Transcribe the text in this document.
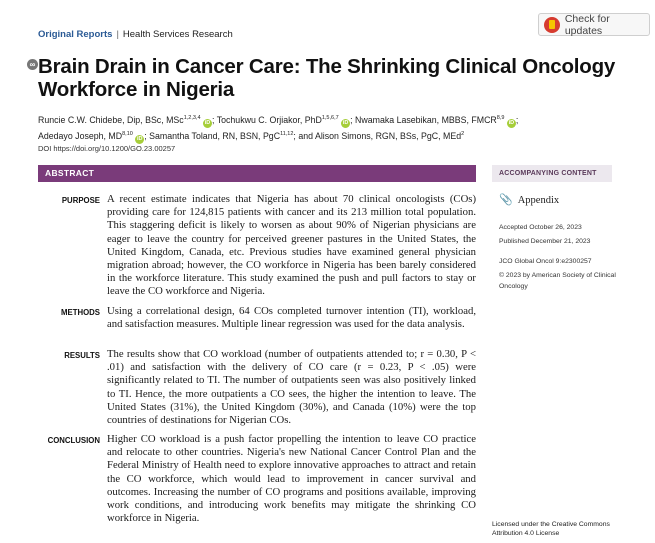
Original Reports | Health Services Research
Check for updates
∞ Brain Drain in Cancer Care: The Shrinking Clinical Oncology Workforce in Nigeria
Runcie C.W. Chidebe, Dip, BSc, MSc$^{1,2,3,4}$ iD ; Tochukwu C. Orjiakor, PhD$^{1,5,6,7}$ iD ; Nwamaka Lasebikan, MBBS, FMCR$^{8,9}$ iD ;
Adedayo Joseph, MD$^{8,10}$ iD ; Samantha Toland, RN, BSN, PgC$^{11,12}$; and Alison Simons, RGN, BSs, PgC, MEd$^2$
DOI https://doi.org/10.1200/GO.23.00257
ABSTRACT
PURPOSE A recent estimate indicates that Nigeria has about 70 clinical oncologists (COs) providing care for 124,815 patients with cancer and its 213 million total population. This staggering deficit is likely to worsen as about 90% of Nigerian physicians are eager to leave the country for perceived greener pastures in the United States, the United Kingdom, Canada, etc. Previous studies have examined general physician migration abroad; however, the CO workforce in Nigeria has been barely considered in the workforce literature. This study examined the push and pull factors to stay or leave the CO workforce and Nigeria.

METHODS Using a correlational design, 64 COs completed turnover intention (TI), workload, and satisfaction measures. Multiple linear regression was used for the data analysis.

RESULTS The results show that CO workload (number of outpatients attended to; r = 0.30, P < .01) and satisfaction with the delivery of CO care (r = 0.23, P < .05) were significantly related to TI. The number of outpatients seen was also positively linked to TI. Hence, the more outpatients a CO sees, the higher the intention to leave. The United States (31%), the United Kingdom (30%), and Canada (10%) were the top countries of destinations for Nigerian COs.

CONCLUSION Higher CO workload is a push factor propelling the intention to leave CO practice and relocate to other countries. Nigeria's new National Cancer Control Plan and the Federal Ministry of Health need to explore innovative approaches to attract and retain the CO workforce, which would lead to improvement in cancer survival and outcomes. Increasing the number of CO programs and positions available, improving work conditions, and introducing work benefits may mitigate the shrinking CO workforce in Nigeria.

ACCOMPANYING CONTENT
📎 Appendix
Accepted October 26, 2023
Published December 21, 2023
JCO Global Oncol 9:e2300257
© 2023 by American Society of Clinical Oncology
Licensed under the Creative Commons Attribution 4.0 License
